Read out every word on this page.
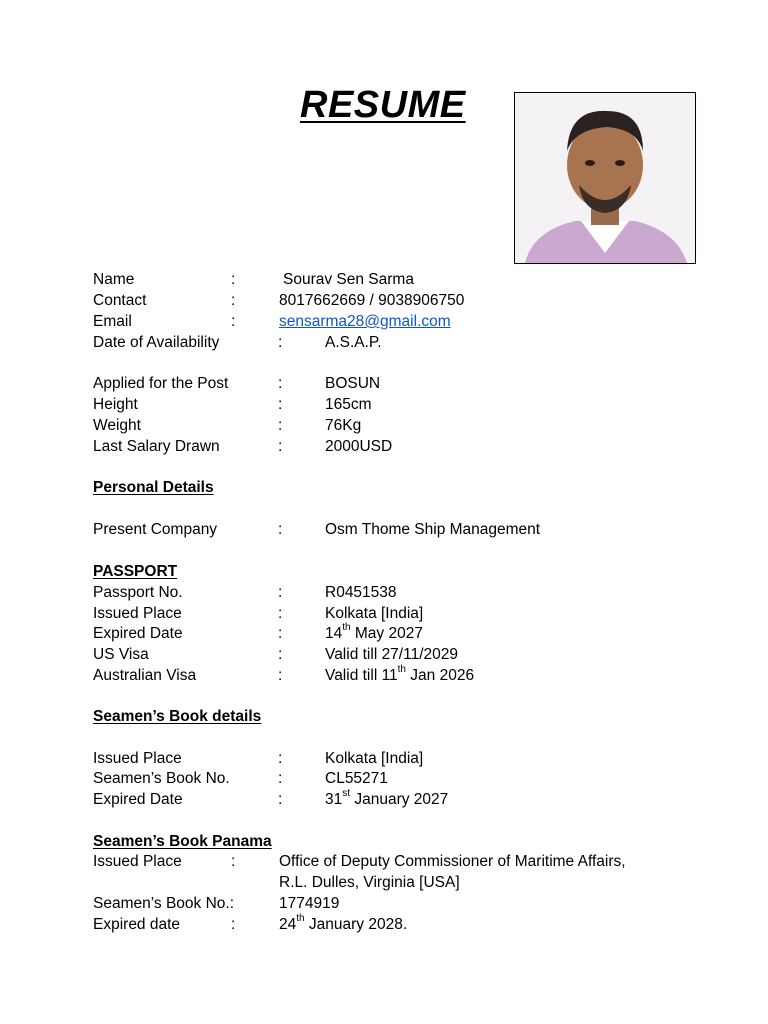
RESUME
Name	:	Sourav Sen Sarma
Contact	:	8017662669 / 9038906750
Email	:	sensarma28@gmail.com
Date of Availability	:	A.S.A.P.
Applied for the Post	:	BOSUN
Height	:	165cm
Weight	:	76Kg
Last Salary Drawn	:	2000USD
Personal Details
Present Company	:	Osm Thome Ship Management
PASSPORT
Passport No.	:	R0451538
Issued Place	:	Kolkata [India]
Expired Date	:	14th May 2027
US Visa	:	Valid till 27/11/2029
Australian Visa	:	Valid till 11th Jan 2026
Seamen’s Book details
Issued Place	:	Kolkata [India]
Seamen’s Book No.	:	CL55271
Expired Date	:	31st January 2027
Seamen’s Book Panama
Issued Place	:	Office of Deputy Commissioner of Maritime Affairs,
R.L. Dulles, Virginia [USA]
Seamen’s Book No.:	1774919
Expired date	:	24th January 2028.
